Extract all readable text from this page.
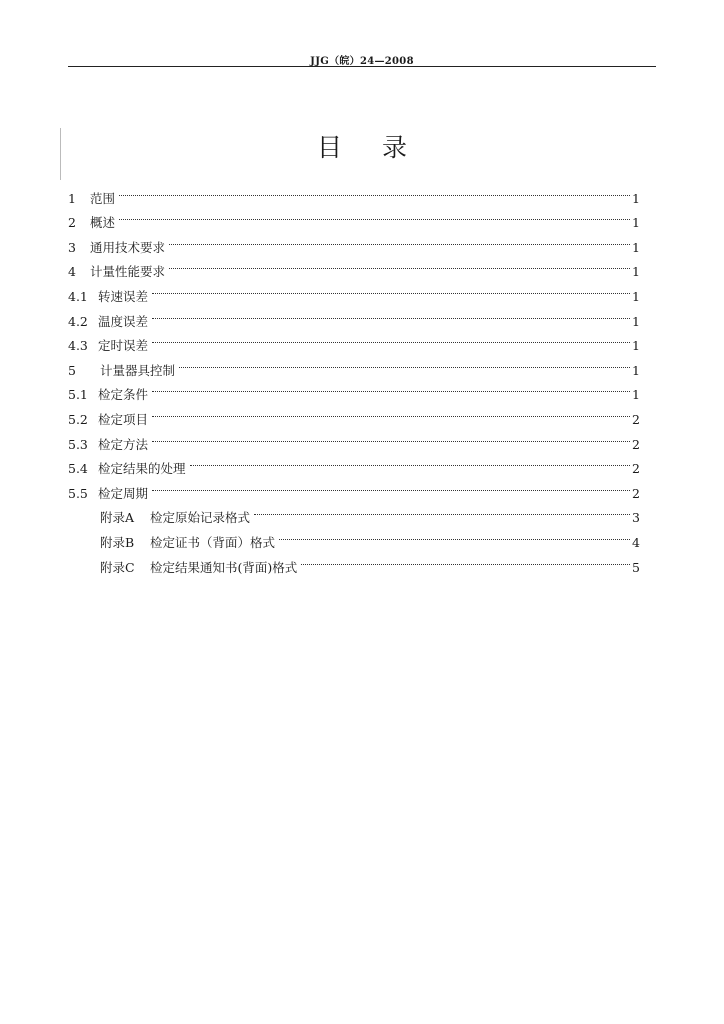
JJG（皖）24—2008
目录
1	范围	1
2	概述	1
3	通用技术要求	1
4	计量性能要求	1
4.1 转速误差	1
4.2 温度误差	1
4.3 定时误差	1
5	计量器具控制	1
5.1 检定条件	1
5.2 检定项目	2
5.3 检定方法	2
5.4 检定结果的处理	2
5.5 检定周期	2
附录A	检定原始记录格式	3
附录B	检定证书（背面）格式	4
附录C	检定结果通知书(背面)格式	5
